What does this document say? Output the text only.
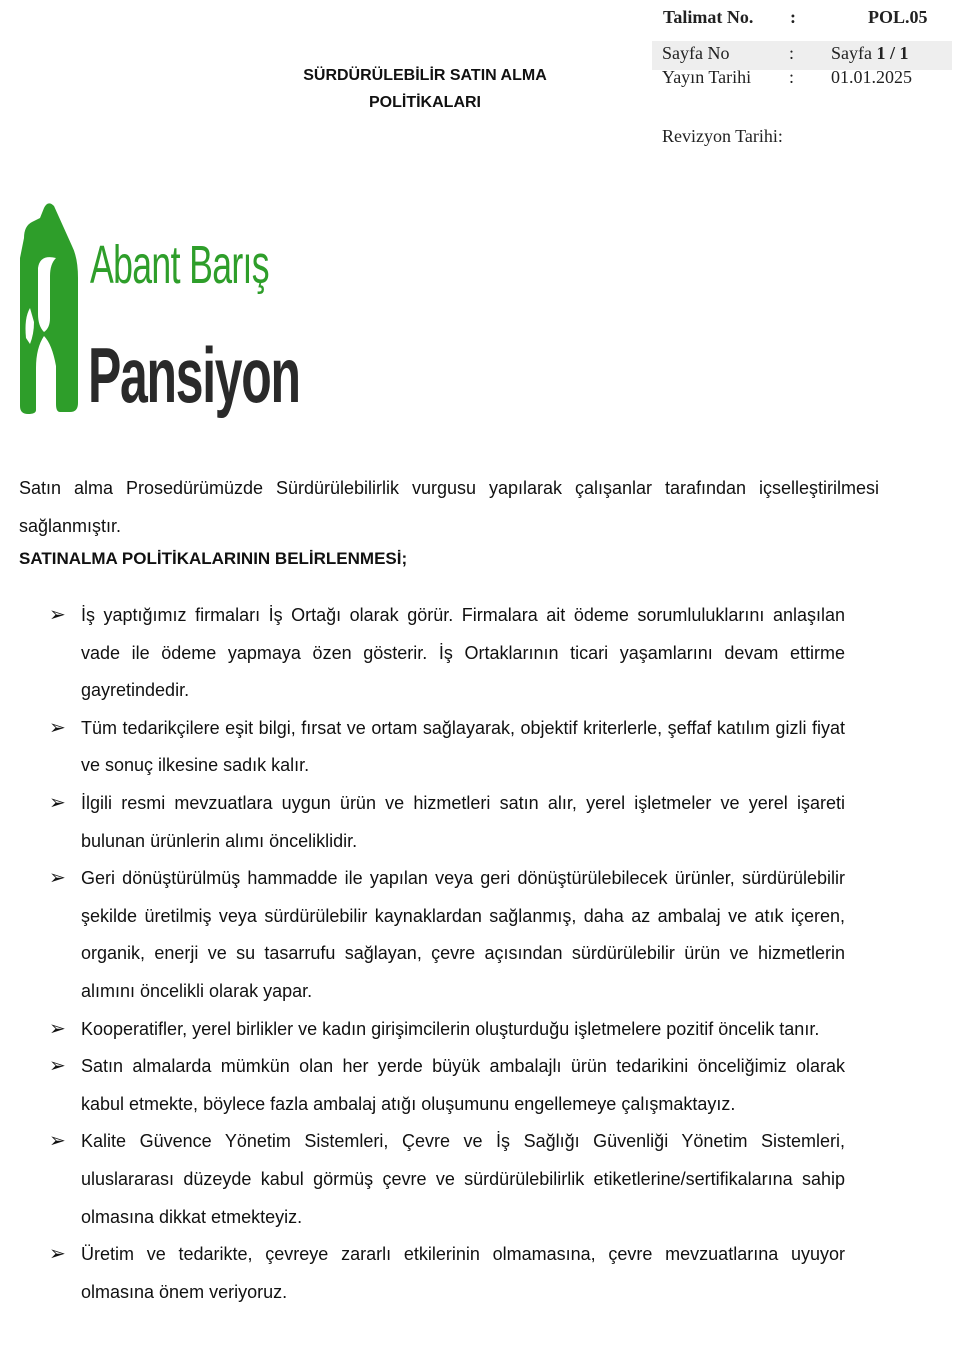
Talimat No. :	POL.05
Sayfa No	: Sayfa 1 / 1
Yayın Tarihi : 01.01.2025
Revizyon Tarihi:
SÜRDÜRÜLEBİLİR SATIN ALMA
POLİTİKALARI
Abant Barış
Pansiyon
Satın alma Prosedürümüzde Sürdürülebilirlik vurgusu yapılarak çalışanlar tarafından içselleştirilmesi sağlanmıştır.
SATINALMA POLİTİKALARININ BELİRLENMESİ;
➢ İş yaptığımız firmaları İş Ortağı olarak görür. Firmalara ait ödeme sorumluluklarını anlaşılan vade ile ödeme yapmaya özen gösterir. İş Ortaklarının ticari yaşamlarını devam ettirme gayretindedir.
➢ Tüm tedarikçilere eşit bilgi, fırsat ve ortam sağlayarak, objektif kriterlerle, şeffaf katılım gizli fiyat ve sonuç ilkesine sadık kalır.
➢ İlgili resmi mevzuatlara uygun ürün ve hizmetleri satın alır, yerel işletmeler ve yerel işareti bulunan ürünlerin alımı önceliklidir.
➢ Geri dönüştürülmüş hammadde ile yapılan veya geri dönüştürülebilecek ürünler, sürdürülebilir şekilde üretilmiş veya sürdürülebilir kaynaklardan sağlanmış, daha az ambalaj ve atık içeren, organik, enerji ve su tasarrufu sağlayan, çevre açısından sürdürülebilir ürün ve hizmetlerin alımını öncelikli olarak yapar.
➢ Kooperatifler, yerel birlikler ve kadın girişimcilerin oluşturduğu işletmelere pozitif öncelik tanır.
➢ Satın almalarda mümkün olan her yerde büyük ambalajlı ürün tedarikini önceliğimiz olarak kabul etmekte, böylece fazla ambalaj atığı oluşumunu engellemeye çalışmaktayız.
➢ Kalite Güvence Yönetim Sistemleri, Çevre ve İş Sağlığı Güvenliği Yönetim Sistemleri, uluslararası düzeyde kabul görmüş çevre ve sürdürülebilirlik etiketlerine/sertifikalarına sahip olmasına dikkat etmekteyiz.
➢ Üretim ve tedarikte, çevreye zararlı etkilerinin olmamasına, çevre mevzuatlarına uyuyor olmasına önem veriyoruz.
